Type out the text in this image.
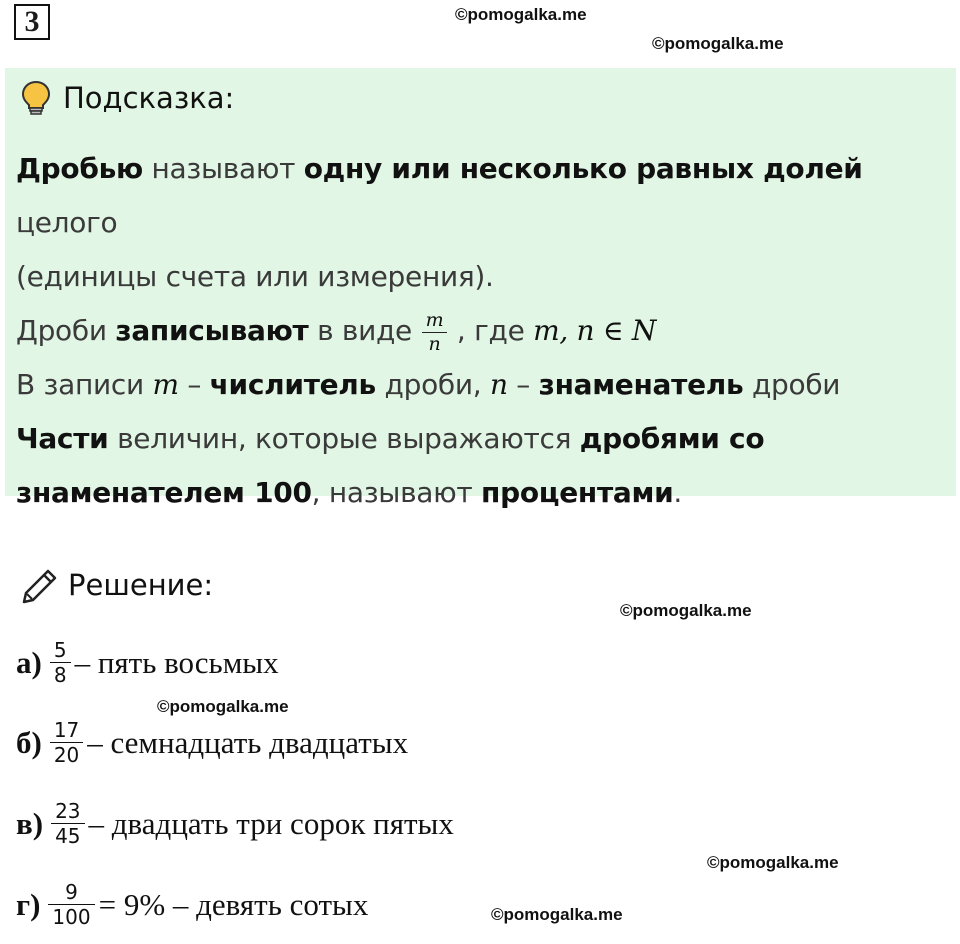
3	©pomogalka.me
©pomogalka.me
Подсказка:
Дробью называют одну или несколько равных долей целого
(единицы счета или измерения).
Дроби записывают в виде $\frac{m}{n}$ , где m, n ∈ N
В записи m – числитель дроби, n – знаменатель дроби
Части величин, которые выражаются дробями со
знаменателем 100, называют процентами.
Решение:
©pomogalka.me
$а) \frac{5}{8}$ – пять восьмых
©pomogalka.me
$б) \frac{17}{20}$ – семнадцать двадцатых
$в) \frac{23}{45}$ – двадцать три сорок пятых
©pomogalka.me
$г) \frac{9}{100} = 9\%$ – девять сотых	©pomogalka.me
